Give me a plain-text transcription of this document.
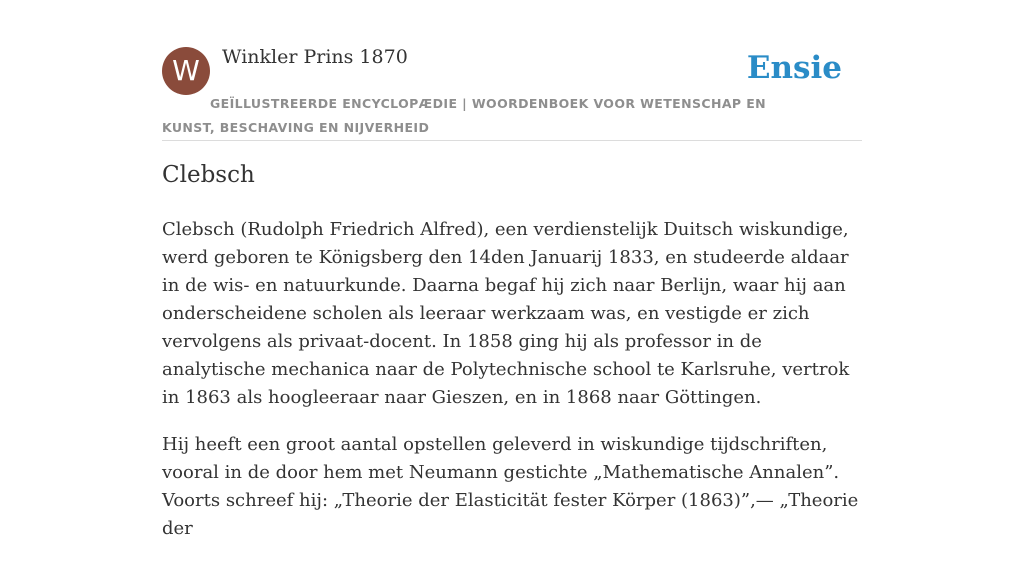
W	Winkler Prins 1870
GEÏLLUSTREERDE ENCYCLOPÆDIE | WOORDENBOEK VOOR WETENSCHAP EN KUNST, BESCHAVING EN NIJVERHEID
Ensie
Clebsch

Clebsch (Rudolph Friedrich Alfred), een verdienstelijk Duitsch wiskundige, werd geboren te Königsberg den 14den Januarij 1833, en studeerde aldaar in de wis- en natuurkunde. Daarna begaf hij zich naar Berlijn, waar hij aan onderscheidene scholen als leeraar werkzaam was, en vestigde er zich vervolgens als privaat-docent. In 1858 ging hij als professor in de analytische mechanica naar de Polytechnische school te Karlsruhe, vertrok in 1863 als hoogleeraar naar Gieszen, en in 1868 naar Göttingen.

Hij heeft een groot aantal opstellen geleverd in wiskundige tijdschriften, vooral in de door hem met Neumann gestichte „Mathematische Annalen”. Voorts schreef hij: „Theorie der Elasticität fester Körper (1863)”,— „Theorie der
